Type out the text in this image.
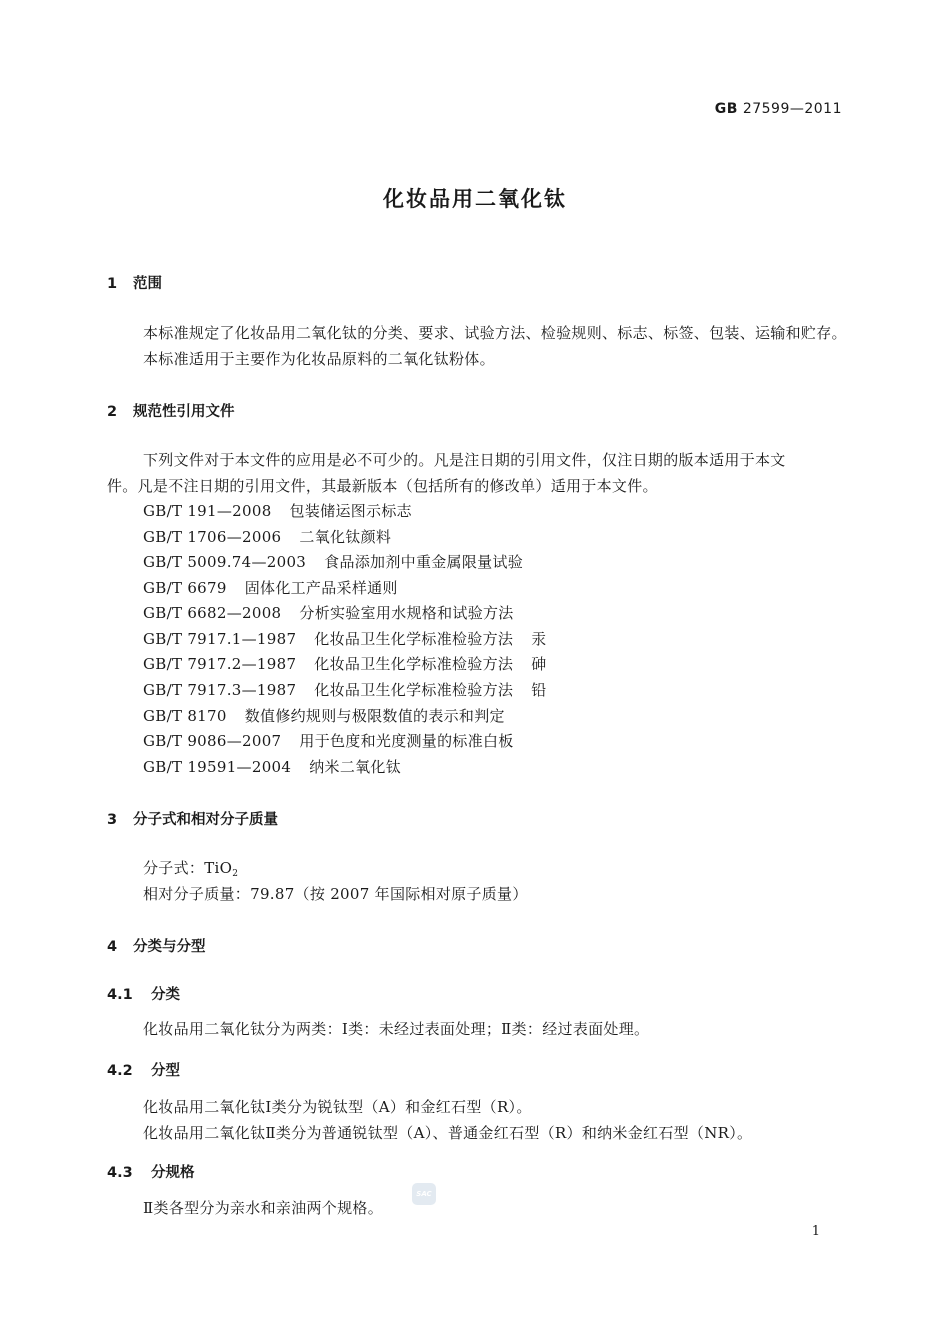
GB 27599—2011
化妆品用二氧化钛
1 范围
本标准规定了化妆品用二氧化钛的分类、要求、试验方法、检验规则、标志、标签、包装、运输和贮存。
本标准适用于主要作为化妆品原料的二氧化钛粉体。
2 规范性引用文件
下列文件对于本文件的应用是必不可少的。凡是注日期的引用文件，仅注日期的版本适用于本文
件。凡是不注日期的引用文件，其最新版本（包括所有的修改单）适用于本文件。
GB/T 191—2008 包装储运图示标志
GB/T 1706—2006 二氧化钛颜料
GB/T 5009.74—2003 食品添加剂中重金属限量试验
GB/T 6679 固体化工产品采样通则
GB/T 6682—2008 分析实验室用水规格和试验方法
GB/T 7917.1—1987 化妆品卫生化学标准检验方法 汞
GB/T 7917.2—1987 化妆品卫生化学标准检验方法 砷
GB/T 7917.3—1987 化妆品卫生化学标准检验方法 铅
GB/T 8170 数值修约规则与极限数值的表示和判定
GB/T 9086—2007 用于色度和光度测量的标准白板
GB/T 19591—2004 纳米二氧化钛
3 分子式和相对分子质量
分子式：TiO$_2$
相对分子质量：79.87（按 2007 年国际相对原子质量）
4 分类与分型
4.1 分类
化妆品用二氧化钛分为两类：Ⅰ类：未经过表面处理；Ⅱ类：经过表面处理。
4.2 分型
化妆品用二氧化钛Ⅰ类分为锐钛型（A）和金红石型（R）。
化妆品用二氧化钛Ⅱ类分为普通锐钛型（A）、普通金红石型（R）和纳米金红石型（NR）。
4.3 分规格
Ⅱ类各型分为亲水和亲油两个规格。
SAC
1
